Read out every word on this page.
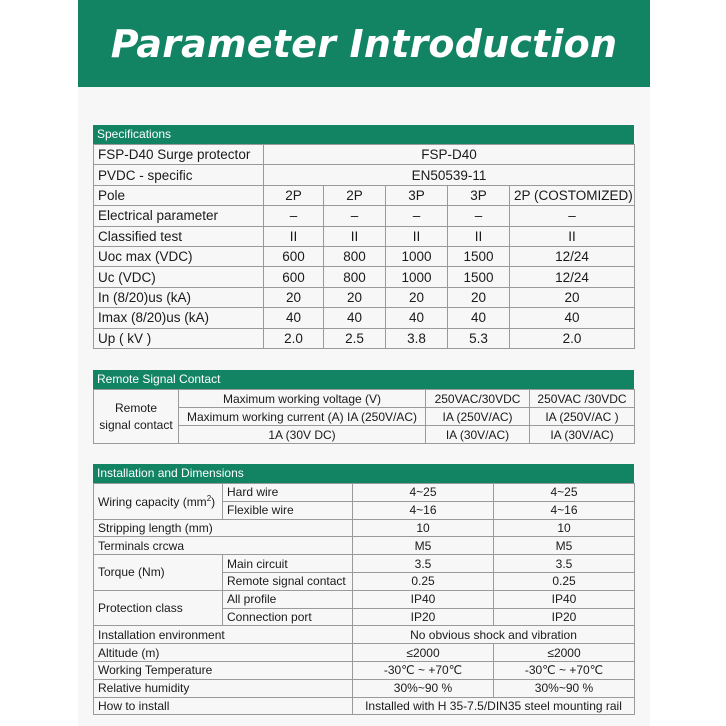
Parameter Introduction
Specifications
FSP-D40 Surge protector	FSP-D40				
PVDC - specific	EN50539-11				
Pole	2P	2P	3P	3P	2P (COSTOMIZED)
Electrical parameter	–	–	–	–	–
Classified test	II	II	II	II	II
Uoc max (VDC)	600	800	1000	1500	12/24
Uc (VDC)	600	800	1000	1500	12/24
In (8/20)us (kA)	20	20	20	20	20
Imax (8/20)us (kA)	40	40	40	40	40
Up ( kV )	2.0	2.5	3.8	5.3	2.0
Remote Signal Contact
Remote
signal contact	Maximum working voltage (V)	250VAC/30VDC	250VAC /30VDC
	Maximum working current (A) IA (250V/AC)	IA (250V/AC)	IA (250V/AC )
	1A (30V DC)	IA (30V/AC)	IA (30V/AC)
Installation and Dimensions
Wiring capacity $(mm^2)$	Hard wire	4~25	4~25
	Flexible wire	4~16	4~16
Stripping length (mm)		10	10
Terminals crcwa		M5	M5
Torque (Nm)	Main circuit	3.5	3.5
	Remote signal contact	0.25	0.25
Protection class	All profile	IP40	IP40
	Connection port	IP20	IP20
Installation environment		No obvious shock and vibration	
Altitude (m)		≤2000	≤2000
Working Temperature		-30℃ ~ +70℃	-30℃ ~ +70℃
Relative humidity		30%~90 %	30%~90 %
How to install		Installed with H 35-7.5/DIN35 steel mounting rail	
